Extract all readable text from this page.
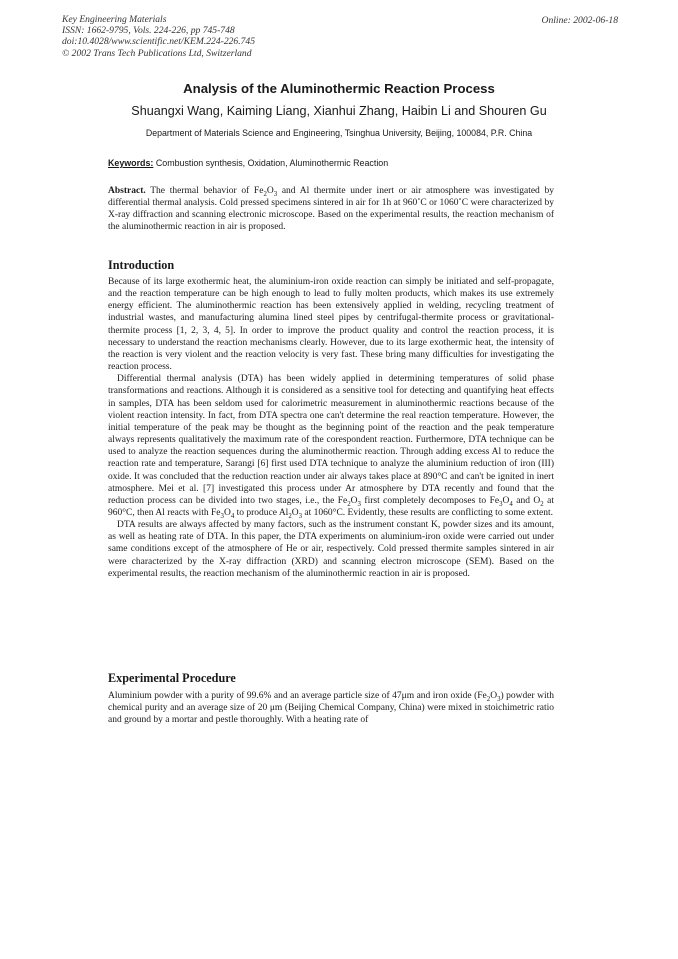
Key Engineering Materials
ISSN: 1662-9795, Vols. 224-226, pp 745-748
doi:10.4028/www.scientific.net/KEM.224-226.745
© 2002 Trans Tech Publications Ltd, Switzerland
Online: 2002-06-18
Analysis of the Aluminothermic Reaction Process
Shuangxi Wang, Kaiming Liang, Xianhui Zhang, Haibin Li and Shouren Gu
Department of Materials Science and Engineering, Tsinghua University, Beijing, 100084, P.R. China
Keywords: Combustion synthesis, Oxidation, Aluminothermic Reaction

Abstract. The thermal behavior of $Fe_2O_3$ and Al thermite under inert or air atmosphere was investigated by differential thermal analysis. Cold pressed specimens sintered in air for 1h at 960˚C or 1060˚C were characterized by X-ray diffraction and scanning electronic microscope. Based on the experimental results, the reaction mechanism of the aluminothermic reaction in air is proposed.

Introduction

Because of its large exothermic heat, the aluminium-iron oxide reaction can simply be initiated and self-propagate, and the reaction temperature can be high enough to lead to fully molten products, which makes its use extremely energy efficient. The aluminothermic reaction has been extensively applied in welding, recycling treatment of industrial wastes, and manufacturing alumina lined steel pipes by centrifugal-thermite process or gravitational-thermite process [1, 2, 3, 4, 5]. In order to improve the product quality and control the reaction process, it is necessary to understand the reaction mechanisms clearly. However, due to its large exothermic heat, the intensity of the reaction is very violent and the reaction velocity is very fast. These bring many difficulties for investigating the reaction process.

Differential thermal analysis (DTA) has been widely applied in determining temperatures of solid phase transformations and reactions. Although it is considered as a sensitive tool for detecting and quantifying heat effects in samples, DTA has been seldom used for calorimetric measurement in aluminothermic reactions because of the violent reaction intensity. In fact, from DTA spectra one can't determine the real reaction temperature. However, the initial temperature of the peak may be thought as the beginning point of the reaction and the peak temperature always represents qualitatively the maximum rate of the corespondent reaction. Furthermore, DTA technique can be used to analyze the reaction sequences during the aluminothermic reaction. Through adding excess Al to reduce the reaction rate and temperature, Sarangi [6] first used DTA technique to analyze the aluminium reduction of iron (III) oxide. It was concluded that the reduction reaction under air always takes place at 890°C and can't be ignited in inert atmosphere. Mei et al. [7] investigated this process under Ar atmosphere by DTA recently and found that the reduction process can be divided into two stages, i.e., the $Fe_2O_3$ first completely decomposes to $Fe_3O_4$ and $O_2$ at 960°C, then Al reacts with $Fe_3O_4$ to produce $Al_2O_3$ at 1060°C. Evidently, these results are conflicting to some extent.

DTA results are always affected by many factors, such as the instrument constant K, powder sizes and its amount, as well as heating rate of DTA. In this paper, the DTA experiments on aluminium-iron oxide were carried out under same conditions except of the atmosphere of He or air, respectively. Cold pressed thermite samples sintered in air were characterized by the X-ray diffraction (XRD) and scanning electron microscope (SEM). Based on the experimental results, the reaction mechanism of the aluminothermic reaction in air is proposed.

Experimental Procedure

Aluminium powder with a purity of 99.6% and an average particle size of 47μm and iron oxide $(Fe_2O_3)$ powder with chemical purity and an average size of 20 μm (Beijing Chemical Company, China) were mixed in stoichimetric ratio and ground by a mortar and pestle thoroughly. With a heating rate of
